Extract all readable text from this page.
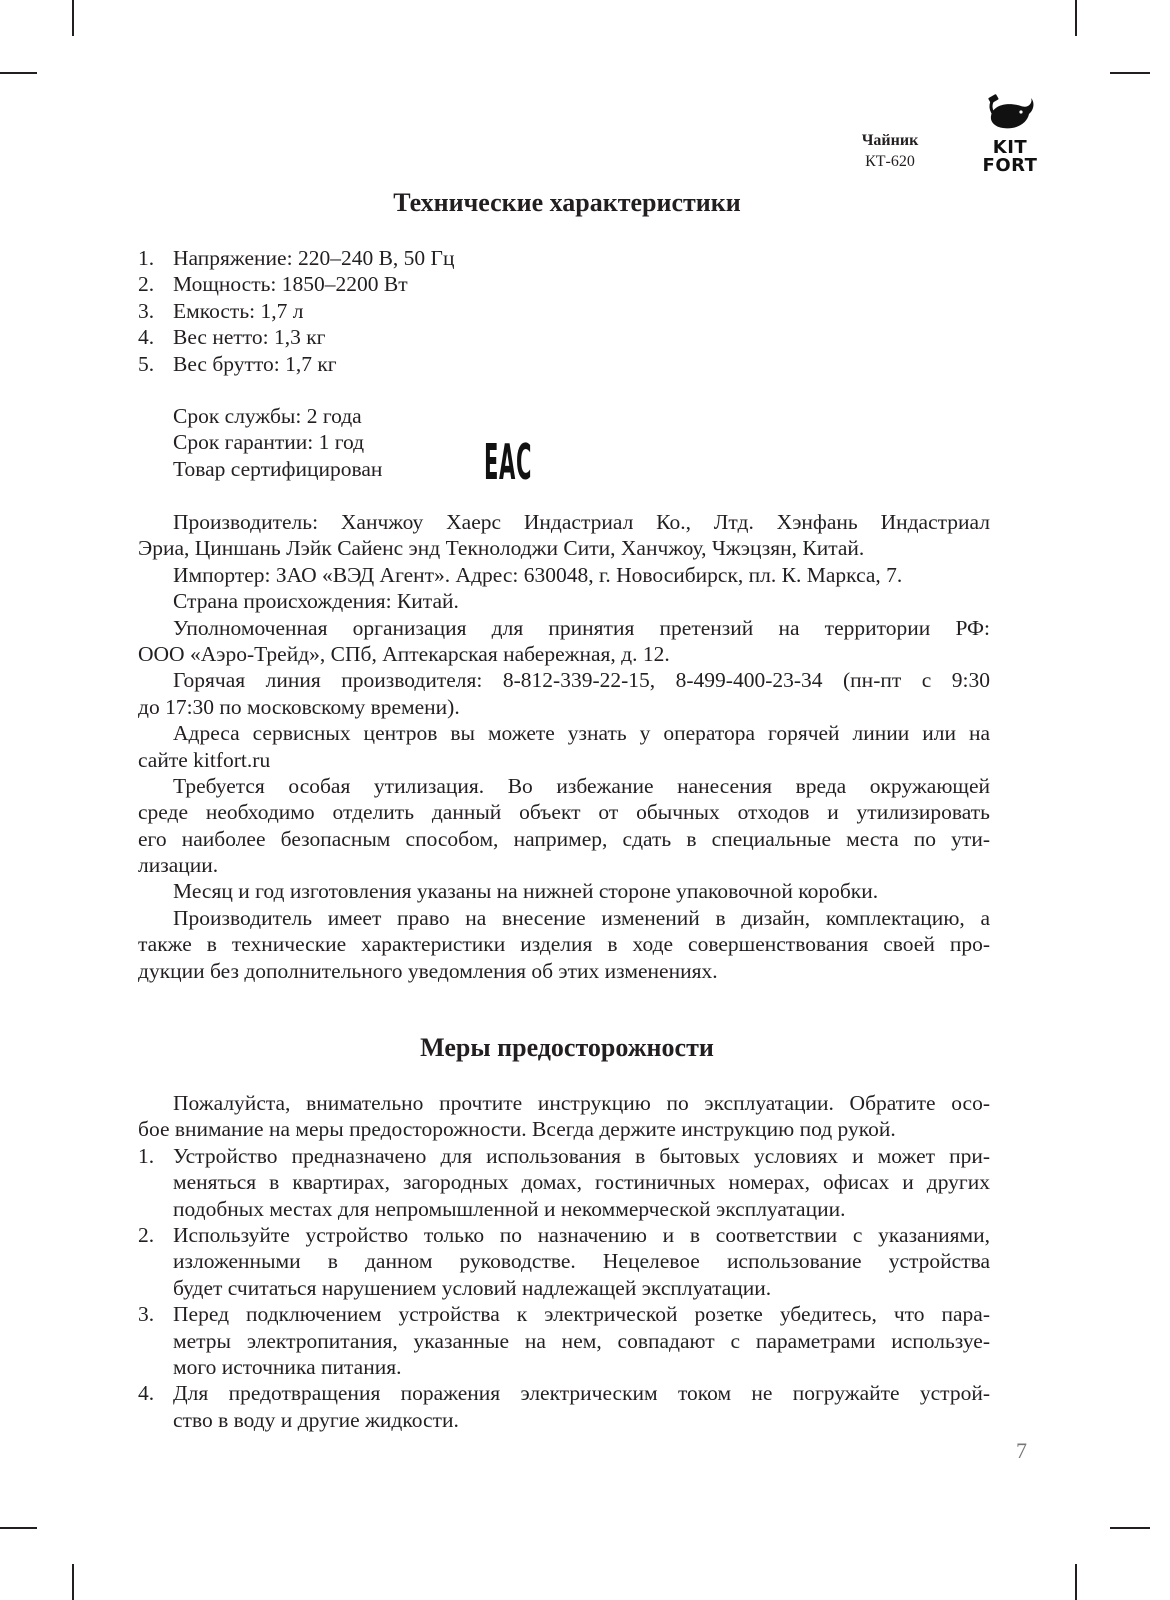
Чайник
КТ-620
KIT
FORT
Технические характеристики
1. Напряжение: 220–240 В, 50 Гц
2. Мощность: 1850–2200 Вт
3. Емкость: 1,7 л
4. Вес нетто: 1,3 кг
5. Вес брутто: 1,7 кг
Срок службы: 2 года
Срок гарантии: 1 год
Товар сертифицирован	EAC
Производитель: Ханчжоу Хаерс Индастриал Ко., Лтд. Хэнфань Индастриал
Эриа, Циншань Лэйк Сайенс энд Текнолоджи Сити, Ханчжоу, Чжэцзян, Китай.
Импортер: ЗАО «ВЭД Агент». Адрес: 630048, г. Новосибирск, пл. К. Маркса, 7.
Страна происхождения: Китай.
Уполномоченная организация для принятия претензий на территории РФ:
ООО «Аэро-Трейд», СПб, Аптекарская набережная, д. 12.
Горячая линия производителя: 8-812-339-22-15, 8-499-400-23-34 (пн-пт с 9:30
до 17:30 по московскому времени).
Адреса сервисных центров вы можете узнать у оператора горячей линии или на
сайте kitfort.ru
Требуется особая утилизация. Во избежание нанесения вреда окружающей
среде необходимо отделить данный объект от обычных отходов и утилизировать
его наиболее безопасным способом, например, сдать в специальные места по ути-
лизации.
Месяц и год изготовления указаны на нижней стороне упаковочной коробки.
Производитель имеет право на внесение изменений в дизайн, комплектацию, а
также в технические характеристики изделия в ходе совершенствования своей про-
дукции без дополнительного уведомления об этих изменениях.
Меры предосторожности
Пожалуйста, внимательно прочтите инструкцию по эксплуатации. Обратите осо-
бое внимание на меры предосторожности. Всегда держите инструкцию под рукой.
1. Устройство предназначено для использования в бытовых условиях и может при-
меняться в квартирах, загородных домах, гостиничных номерах, офисах и других
подобных местах для непромышленной и некоммерческой эксплуатации.
2. Используйте устройство только по назначению и в соответствии с указаниями,
изложенными в данном руководстве. Нецелевое использование устройства
будет считаться нарушением условий надлежащей эксплуатации.
3. Перед подключением устройства к электрической розетке убедитесь, что пара-
метры электропитания, указанные на нем, совпадают с параметрами используе-
мого источника питания.
4. Для предотвращения поражения электрическим током не погружайте устрой-
ство в воду и другие жидкости.
7
